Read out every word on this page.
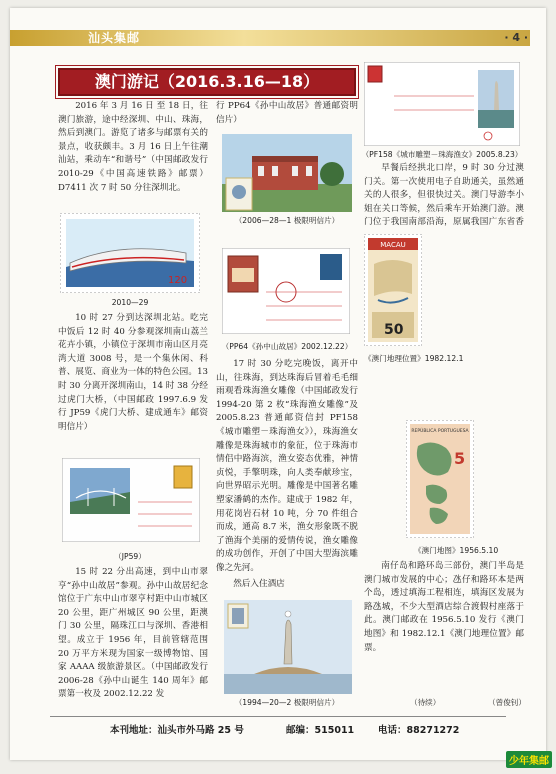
汕头集邮	· 4 ·
澳门游记（2016.3.16—18）
2016 年 3 月 16 日 至 18 日，往澳门旅游，途中经深圳、中山、珠海，然后到澳门。游览了诸多与邮票有关的景点，收获颇丰。3 月 16 日上午往潮汕站，乘动车“和谐号”（中国邮政发行 2010-29《中国高速铁路》邮票）D7411 次 7 时 50 分往深圳北。
120
2010—29
10 时 27 分到达深圳北站。吃完中饭后 12 时 40 分参观深圳南山荔兰花卉小镇，小镇位于深圳市南山区月亮湾大道 3008 号，是一个集休闲、科普、展览、商业为一体的特色公园。13 时 30 分离开深圳南山，14 时 38 分经过虎门大桥，（中国邮政 1997.6.9 发行 JP59《虎门大桥、建成通车》邮资明信片）
（JP59）
15 时 22 分出高速，到中山市翠亨“孙中山故居”参观。孙中山故居纪念馆位于广东中山市翠亨村距中山市城区 20 公里，距广州城区 90 公里，距澳门 30 公里，隔珠江口与深圳、香港相望。成立于 1956 年，目前管辖范围 20 万平方米现为国家一级博物馆、国家 AAAA 级旅游景区。（中国邮政发行 2006-28《孙中山诞生 140 周年》邮票第一枚及 2002.12.22 发
行 PP64《孙中山故居》普通邮资明信片）
（2006—28—1 极限明信片）
（PP64《孙中山故居》2002.12.22）
17 时 30 分吃完晚饭，离开中山，往珠海，到达珠海后冒着毛毛细雨观看珠海渔女雕像（中国邮政发行 1994-20 第 2 枚“珠海渔女雕像”及 2005.8.23 普通邮资信封 PF158《城市雕塑－珠海渔女》），珠海渔女雕像是珠海城市的象征，位于珠海市情侣中路海滨，渔女姿态优雅，神情贞悦，手擎明珠，向人类奉献珍宝，向世界昭示光明。雕像是中国著名雕塑家潘鹤的杰作。建成于 1982 年，用花岗岩石材 10 吨，分 70 件组合而成，通高 8.7 米，渔女形象既不脱了渔海个美丽的爱情传说，渔女雕像的成功创作，开创了中国大型海滨雕像之先河。
然后入住酒店
（1994—20—2 极限明信片）
（PF158《城市雕塑－珠海渔女》2005.8.23）
早餐后经拱北口岸，9 时 30 分过澳门关。第一次使用电子自助通关，虽然通关的人很多，但很快过关。澳门导游李小姐在关口等候，然后乘车开始澳门游。澳门位于我国南部沿海，原属我国广东省香
MACAU
50
《澳门地理位置》1982.12.1
REPÚBLICA PORTUGUESA
5
《澳门地图》1956.5.10
南仔岛和路环岛三部份，澳门半岛是澳门城市发展的中心；氹仔和路环本是两个岛，透过填海工程相连，填海区发展为路氹城，不少大型酒店综合渡假村座落于此。澳门邮政在 1956.5.10 发行《澳门地图》和 1982.12.1《澳门地理位置》邮票。
（待续）	（曾俊钊）
本刊地址：汕头市外马路 25 号	邮编：515011	电话：88271272
少年集邮
